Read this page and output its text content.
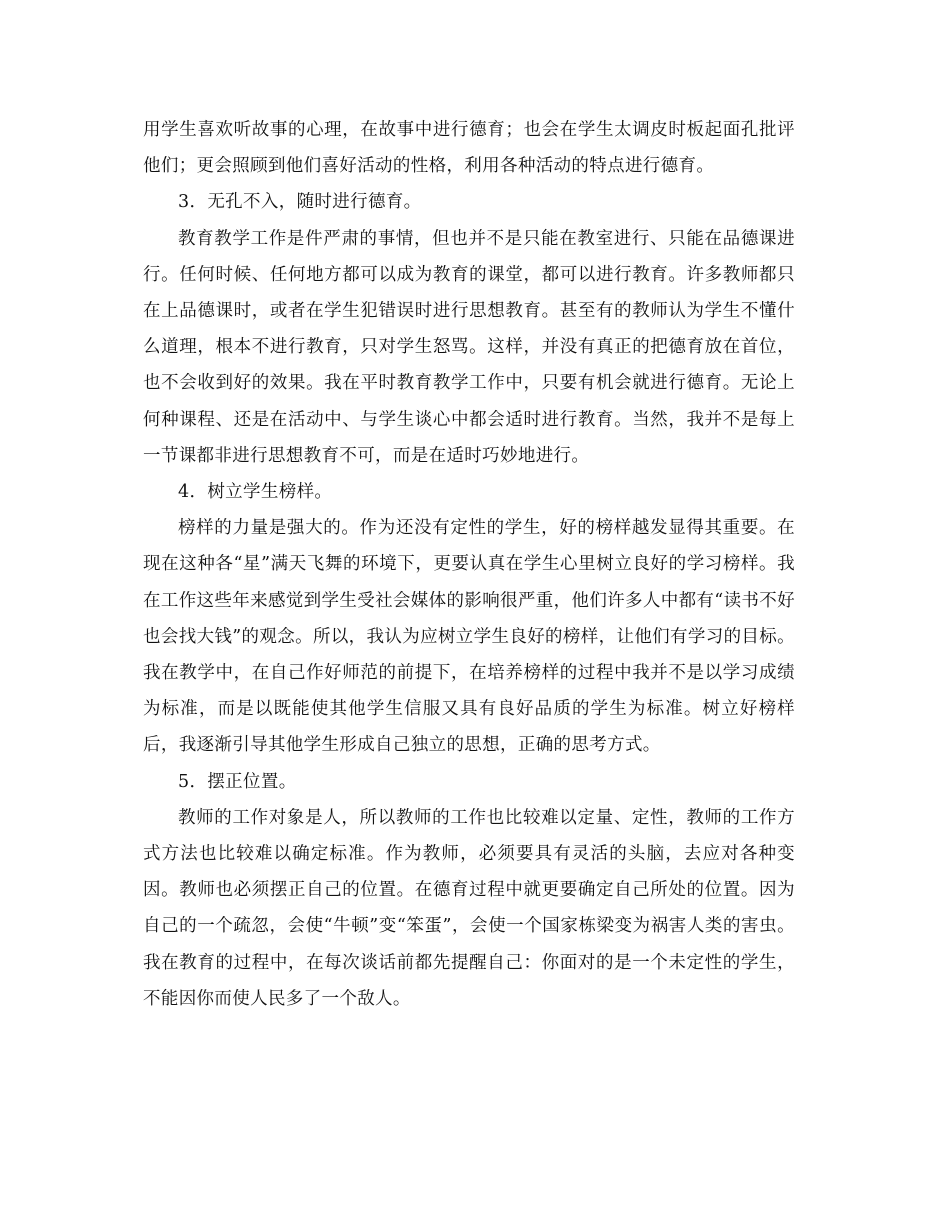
用学生喜欢听故事的心理，在故事中进行德育；也会在学生太调皮时板起面孔批评他们；更会照顾到他们喜好活动的性格，利用各种活动的特点进行德育。

3．无孔不入，随时进行德育。

教育教学工作是件严肃的事情，但也并不是只能在教室进行、只能在品德课进行。任何时候、任何地方都可以成为教育的课堂，都可以进行教育。许多教师都只在上品德课时，或者在学生犯错误时进行思想教育。甚至有的教师认为学生不懂什么道理，根本不进行教育，只对学生怒骂。这样，并没有真正的把德育放在首位，也不会收到好的效果。我在平时教育教学工作中，只要有机会就进行德育。无论上何种课程、还是在活动中、与学生谈心中都会适时进行教育。当然，我并不是每上一节课都非进行思想教育不可，而是在适时巧妙地进行。

4．树立学生榜样。

榜样的力量是强大的。作为还没有定性的学生，好的榜样越发显得其重要。在现在这种各“星”满天飞舞的环境下，更要认真在学生心里树立良好的学习榜样。我在工作这些年来感觉到学生受社会媒体的影响很严重，他们许多人中都有“读书不好也会找大钱”的观念。所以，我认为应树立学生良好的榜样，让他们有学习的目标。我在教学中，在自己作好师范的前提下，在培养榜样的过程中我并不是以学习成绩为标准，而是以既能使其他学生信服又具有良好品质的学生为标准。树立好榜样后，我逐渐引导其他学生形成自己独立的思想，正确的思考方式。

5．摆正位置。

教师的工作对象是人，所以教师的工作也比较难以定量、定性，教师的工作方式方法也比较难以确定标准。作为教师，必须要具有灵活的头脑，去应对各种变因。教师也必须摆正自己的位置。在德育过程中就更要确定自己所处的位置。因为自己的一个疏忽，会使“牛顿”变“笨蛋”，会使一个国家栋梁变为祸害人类的害虫。我在教育的过程中，在每次谈话前都先提醒自己：你面对的是一个未定性的学生，不能因你而使人民多了一个敌人。
